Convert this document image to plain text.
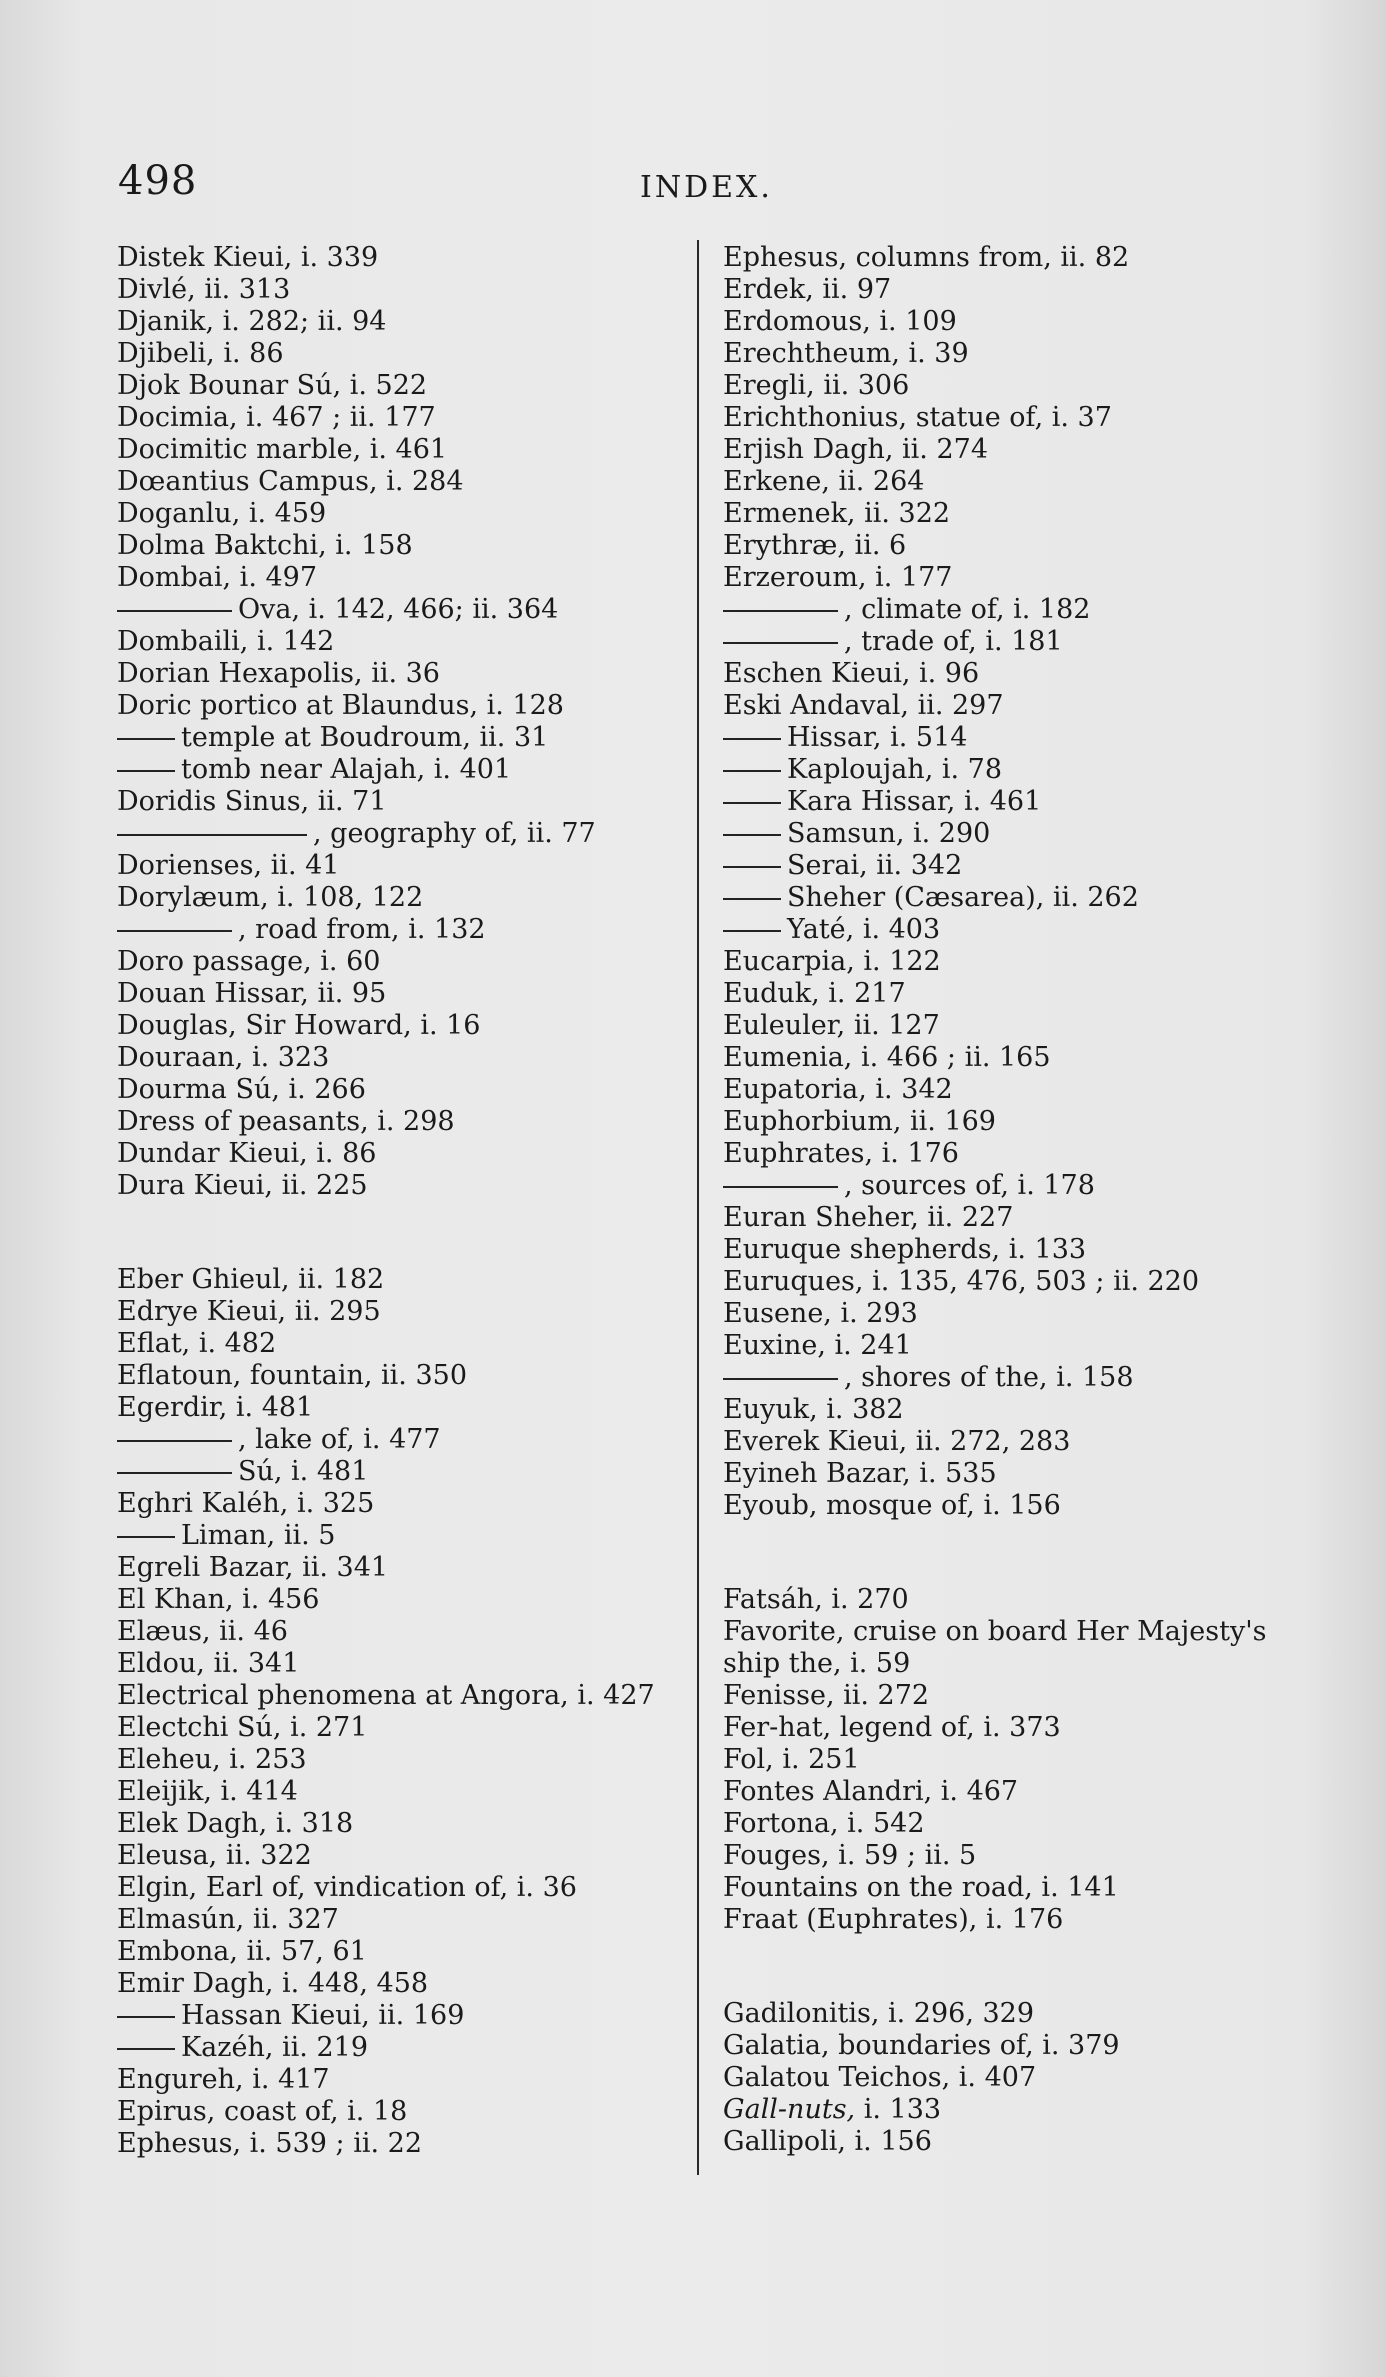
498	INDEX.
Distek Kieui, i. 339
Divlé, ii. 313
Djanik, i. 282; ii. 94
Djibeli, i. 86
Djok Bounar Sú, i. 522
Docimia, i. 467 ; ii. 177
Docimitic marble, i. 461
Dœantius Campus, i. 284
Doganlu, i. 459
Dolma Baktchi, i. 158
Dombai, i. 497
Ova, i. 142, 466; ii. 364
Dombaili, i. 142
Dorian Hexapolis, ii. 36
Doric portico at Blaundus, i. 128
temple at Boudroum, ii. 31
tomb near Alajah, i. 401
Doridis Sinus, ii. 71
, geography of, ii. 77
Dorienses, ii. 41
Dorylæum, i. 108, 122
, road from, i. 132
Doro passage, i. 60
Douan Hissar, ii. 95
Douglas, Sir Howard, i. 16
Douraan, i. 323
Dourma Sú, i. 266
Dress of peasants, i. 298
Dundar Kieui, i. 86
Dura Kieui, ii. 225
Eber Ghieul, ii. 182
Edrye Kieui, ii. 295
Eflat, i. 482
Eflatoun, fountain, ii. 350
Egerdir, i. 481
, lake of, i. 477
Sú, i. 481
Eghri Kaléh, i. 325
Liman, ii. 5
Egreli Bazar, ii. 341
El Khan, i. 456
Elæus, ii. 46
Eldou, ii. 341
Electrical phenomena at Angora, i. 427
Electchi Sú, i. 271
Eleheu, i. 253
Eleijik, i. 414
Elek Dagh, i. 318
Eleusa, ii. 322
Elgin, Earl of, vindication of, i. 36
Elmasún, ii. 327
Embona, ii. 57, 61
Emir Dagh, i. 448, 458
Hassan Kieui, ii. 169
Kazéh, ii. 219
Engureh, i. 417
Epirus, coast of, i. 18
Ephesus, i. 539 ; ii. 22
Ephesus, columns from, ii. 82
Erdek, ii. 97
Erdomous, i. 109
Erechtheum, i. 39
Eregli, ii. 306
Erichthonius, statue of, i. 37
Erjish Dagh, ii. 274
Erkene, ii. 264
Ermenek, ii. 322
Erythræ, ii. 6
Erzeroum, i. 177
, climate of, i. 182
, trade of, i. 181
Eschen Kieui, i. 96
Eski Andaval, ii. 297
Hissar, i. 514
Kaploujah, i. 78
Kara Hissar, i. 461
Samsun, i. 290
Serai, ii. 342
Sheher (Cæsarea), ii. 262
Yaté, i. 403
Eucarpia, i. 122
Euduk, i. 217
Euleuler, ii. 127
Eumenia, i. 466 ; ii. 165
Eupatoria, i. 342
Euphorbium, ii. 169
Euphrates, i. 176
, sources of, i. 178
Euran Sheher, ii. 227
Euruque shepherds, i. 133
Euruques, i. 135, 476, 503 ; ii. 220
Eusene, i. 293
Euxine, i. 241
, shores of the, i. 158
Euyuk, i. 382
Everek Kieui, ii. 272, 283
Eyineh Bazar, i. 535
Eyoub, mosque of, i. 156
Fatsáh, i. 270
Favorite, cruise on board Her Majesty's
ship the, i. 59
Fenisse, ii. 272
Fer-hat, legend of, i. 373
Fol, i. 251
Fontes Alandri, i. 467
Fortona, i. 542
Fouges, i. 59 ; ii. 5
Fountains on the road, i. 141
Fraat (Euphrates), i. 176
Gadilonitis, i. 296, 329
Galatia, boundaries of, i. 379
Galatou Teichos, i. 407
Gall-nuts, i. 133
Gallipoli, i. 156
